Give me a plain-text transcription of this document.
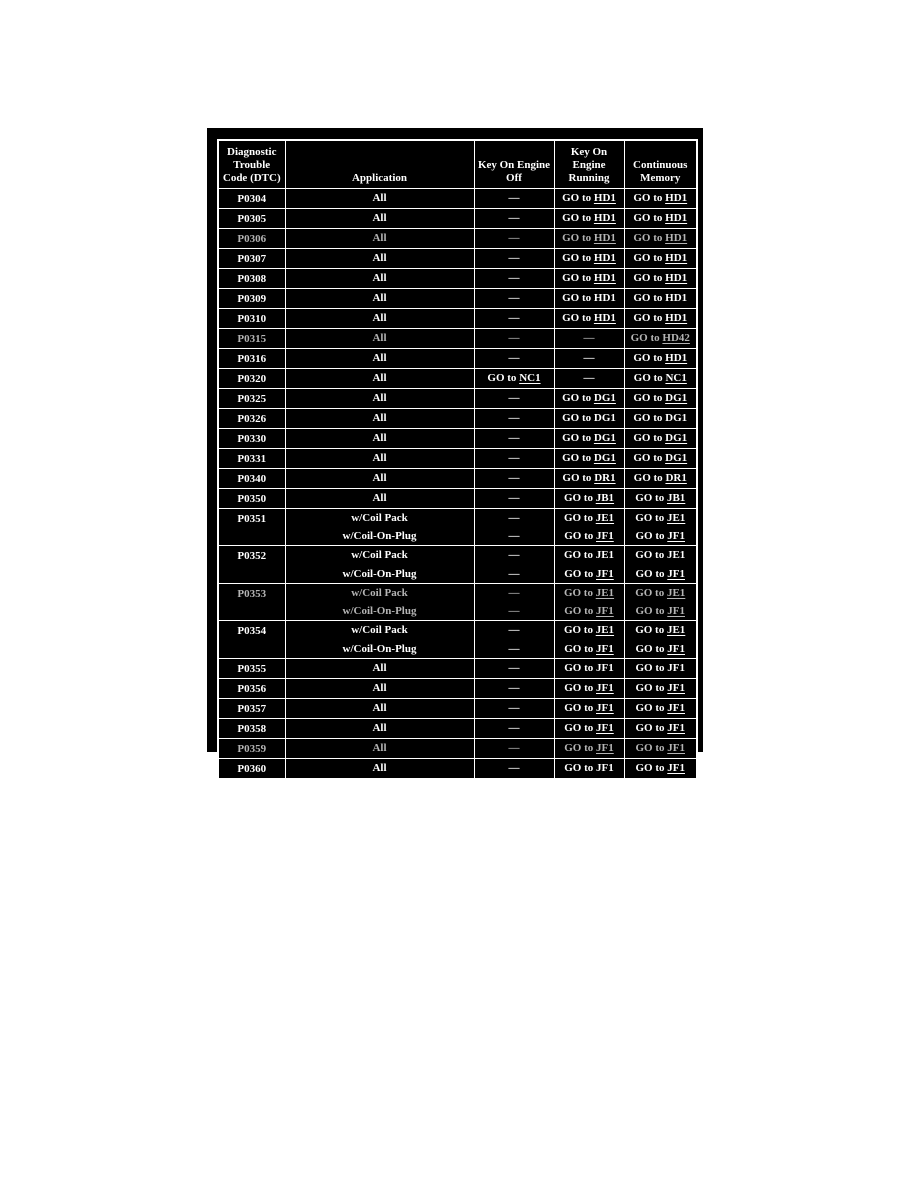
Diagnostic Trouble Code (DTC)	Application	Key On Engine Off	Key On Engine Running	Continuous Memory
P0304	All	—	GO to HD1	GO to HD1
P0305	All	—	GO to HD1	GO to HD1
P0306	All	—	GO to HD1	GO to HD1
P0307	All	—	GO to HD1	GO to HD1
P0308	All	—	GO to HD1	GO to HD1
P0309	All	—	GO to HD1	GO to HD1
P0310	All	—	GO to HD1	GO to HD1
P0315	All	—	—	GO to HD42
P0316	All	—	—	GO to HD1
P0320	All	GO to NC1	—	GO to NC1
P0325	All	—	GO to DG1	GO to DG1
P0326	All	—	GO to DG1	GO to DG1
P0330	All	—	GO to DG1	GO to DG1
P0331	All	—	GO to DG1	GO to DG1
P0340	All	—	GO to DR1	GO to DR1
P0350	All	—	GO to JB1	GO to JB1
P0351	w/Coil Pack	—	GO to JE1	GO to JE1
	w/Coil-On-Plug	—	GO to JF1	GO to JF1
P0352	w/Coil Pack	—	GO to JE1	GO to JE1
	w/Coil-On-Plug	—	GO to JF1	GO to JF1
P0353	w/Coil Pack	—	GO to JE1	GO to JE1
	w/Coil-On-Plug	—	GO to JF1	GO to JF1
P0354	w/Coil Pack	—	GO to JE1	GO to JE1
	w/Coil-On-Plug	—	GO to JF1	GO to JF1
P0355	All	—	GO to JF1	GO to JF1
P0356	All	—	GO to JF1	GO to JF1
P0357	All	—	GO to JF1	GO to JF1
P0358	All	—	GO to JF1	GO to JF1
P0359	All	—	GO to JF1	GO to JF1
P0360	All	—	GO to JF1	GO to JF1
